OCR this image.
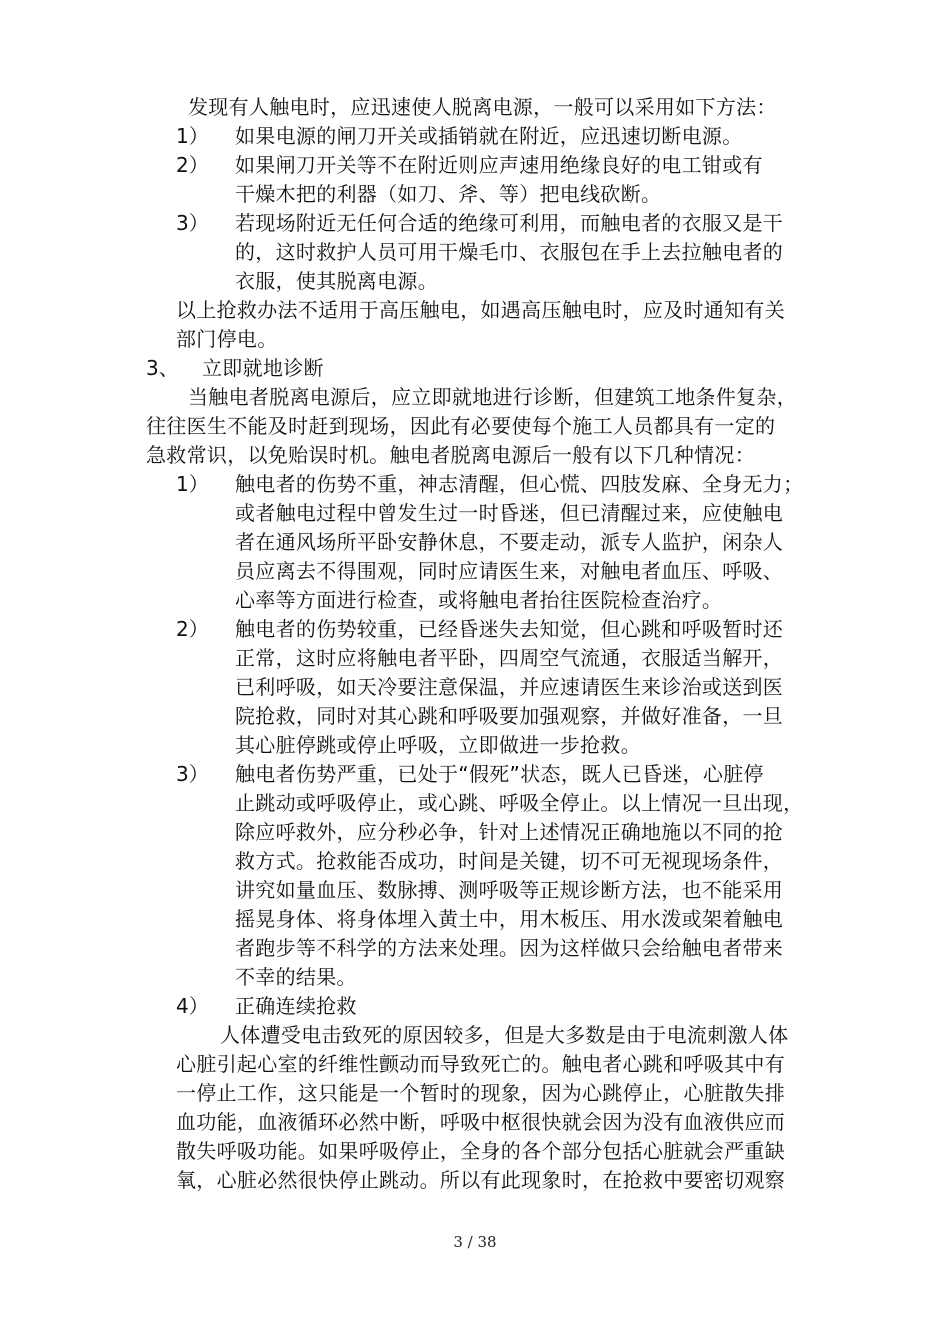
发现有人触电时，应迅速使人脱离电源，一般可以采用如下方法：
1） 如果电源的闸刀开关或插销就在附近，应迅速切断电源。
2） 如果闸刀开关等不在附近则应声速用绝缘良好的电工钳或有
干燥木把的利器（如刀、斧、等）把电线砍断。
3） 若现场附近无任何合适的绝缘可利用，而触电者的衣服又是干
的，这时救护人员可用干燥毛巾、衣服包在手上去拉触电者的
衣服，使其脱离电源。
以上抢救办法不适用于高压触电，如遇高压触电时，应及时通知有关
部门停电。
3、 立即就地诊断
当触电者脱离电源后，应立即就地进行诊断，但建筑工地条件复杂，
往往医生不能及时赶到现场，因此有必要使每个施工人员都具有一定的
急救常识，以免贻误时机。触电者脱离电源后一般有以下几种情况：
1） 触电者的伤势不重，神志清醒，但心慌、四肢发麻、全身无力；
或者触电过程中曾发生过一时昏迷，但已清醒过来，应使触电
者在通风场所平卧安静休息，不要走动，派专人监护，闲杂人
员应离去不得围观，同时应请医生来，对触电者血压、呼吸、
心率等方面进行检查，或将触电者抬往医院检查治疗。
2） 触电者的伤势较重，已经昏迷失去知觉，但心跳和呼吸暂时还
正常，这时应将触电者平卧，四周空气流通，衣服适当解开，
已利呼吸，如天冷要注意保温，并应速请医生来诊治或送到医
院抢救，同时对其心跳和呼吸要加强观察，并做好准备，一旦
其心脏停跳或停止呼吸，立即做进一步抢救。
3） 触电者伤势严重，已处于“假死”状态，既人已昏迷，心脏停
止跳动或呼吸停止，或心跳、呼吸全停止。以上情况一旦出现，
除应呼救外，应分秒必争，针对上述情况正确地施以不同的抢
救方式。抢救能否成功，时间是关键，切不可无视现场条件，
讲究如量血压、数脉搏、测呼吸等正规诊断方法，也不能采用
摇晃身体、将身体埋入黄土中，用木板压、用水泼或架着触电
者跑步等不科学的方法来处理。因为这样做只会给触电者带来
不幸的结果。
4） 正确连续抢救
人体遭受电击致死的原因较多，但是大多数是由于电流刺激人体
心脏引起心室的纤维性颤动而导致死亡的。触电者心跳和呼吸其中有
一停止工作，这只能是一个暂时的现象，因为心跳停止，心脏散失排
血功能，血液循环必然中断，呼吸中枢很快就会因为没有血液供应而
散失呼吸功能。如果呼吸停止，全身的各个部分包括心脏就会严重缺
氧，心脏必然很快停止跳动。所以有此现象时，在抢救中要密切观察
3 / 38
